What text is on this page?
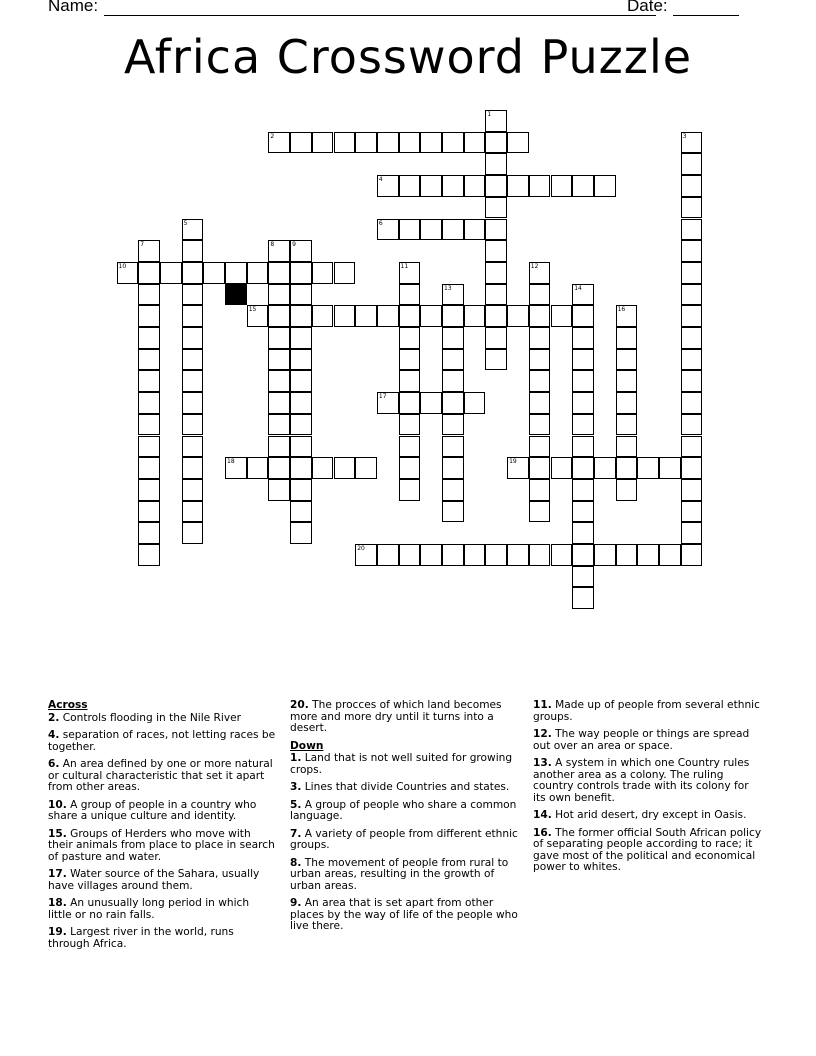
Name:	Date:
Africa Crossword Puzzle
1
2	3
4
5	6
7	8	9
10	11	12
13	14
15	16
17
18	19
20
Across
2. Controls flooding in the Nile River
4. separation of races, not letting races be together.
6. An area defined by one or more natural or cultural characteristic that set it apart from other areas.
10. A group of people in a country who share a unique culture and identity.
15. Groups of Herders who move with their animals from place to place in search of pasture and water.
17. Water source of the Sahara, usually have villages around them.
18. An unusually long period in which little or no rain falls.
19. Largest river in the world, runs through Africa.
20. The procces of which land becomes more and more dry until it turns into a desert.
Down
1. Land that is not well suited for growing crops.
3. Lines that divide Countries and states.
5. A group of people who share a common language.
7. A variety of people from different ethnic groups.
8. The movement of people from rural to urban areas, resulting in the growth of urban areas.
9. An area that is set apart from other places by the way of life of the people who live there.
11. Made up of people from several ethnic groups.
12. The way people or things are spread out over an area or space.
13. A system in which one Country rules another area as a colony. The ruling country controls trade with its colony for its own benefit.
14. Hot arid desert, dry except in Oasis.
16. The former official South African policy of separating people according to race; it gave most of the political and economical power to whites.
